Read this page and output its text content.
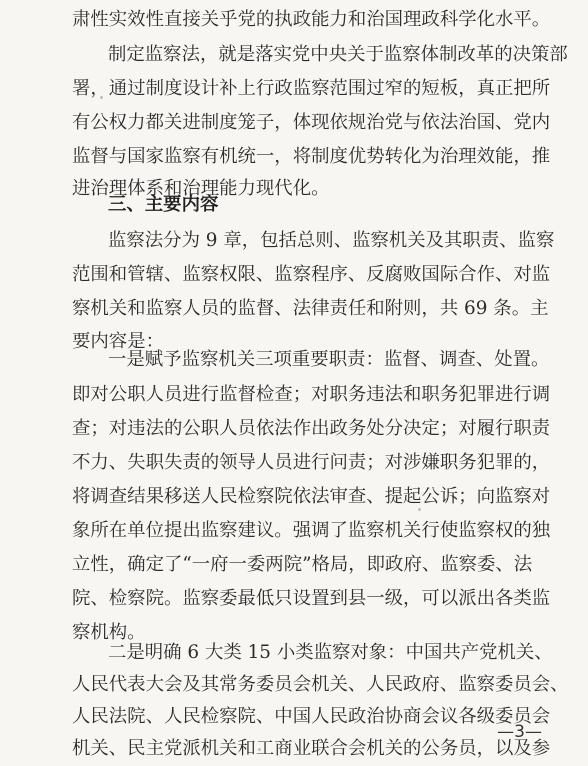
肃性实效性直接关乎党的执政能力和治国理政科学化水平。
制定监察法，就是落实党中央关于监察体制改革的决策部
署，通过制度设计补上行政监察范围过窄的短板，真正把所
有公权力都关进制度笼子，体现依规治党与依法治国、党内
监督与国家监察有机统一，将制度优势转化为治理效能，推
进治理体系和治理能力现代化。
三、主要内容
监察法分为 9 章，包括总则、监察机关及其职责、监察
范围和管辖、监察权限、监察程序、反腐败国际合作、对监
察机关和监察人员的监督、法律责任和附则，共 69 条。主
要内容是：
一是赋予监察机关三项重要职责：监督、调查、处置。
即对公职人员进行监督检查；对职务违法和职务犯罪进行调
查；对违法的公职人员依法作出政务处分决定；对履行职责
不力、失职失责的领导人员进行问责；对涉嫌职务犯罪的，
将调查结果移送人民检察院依法审查、提起公诉；向监察对
象所在单位提出监察建议。强调了监察机关行使监察权的独
立性，确定了“一府一委两院”格局，即政府、监察委、法
院、检察院。监察委最低只设置到县一级，可以派出各类监
察机构。
二是明确 6 大类 15 小类监察对象：中国共产党机关、
人民代表大会及其常务委员会机关、人民政府、监察委员会、
人民法院、人民检察院、中国人民政治协商会议各级委员会
机关、民主党派机关和工商业联合会机关的公务员，以及参
—3—
